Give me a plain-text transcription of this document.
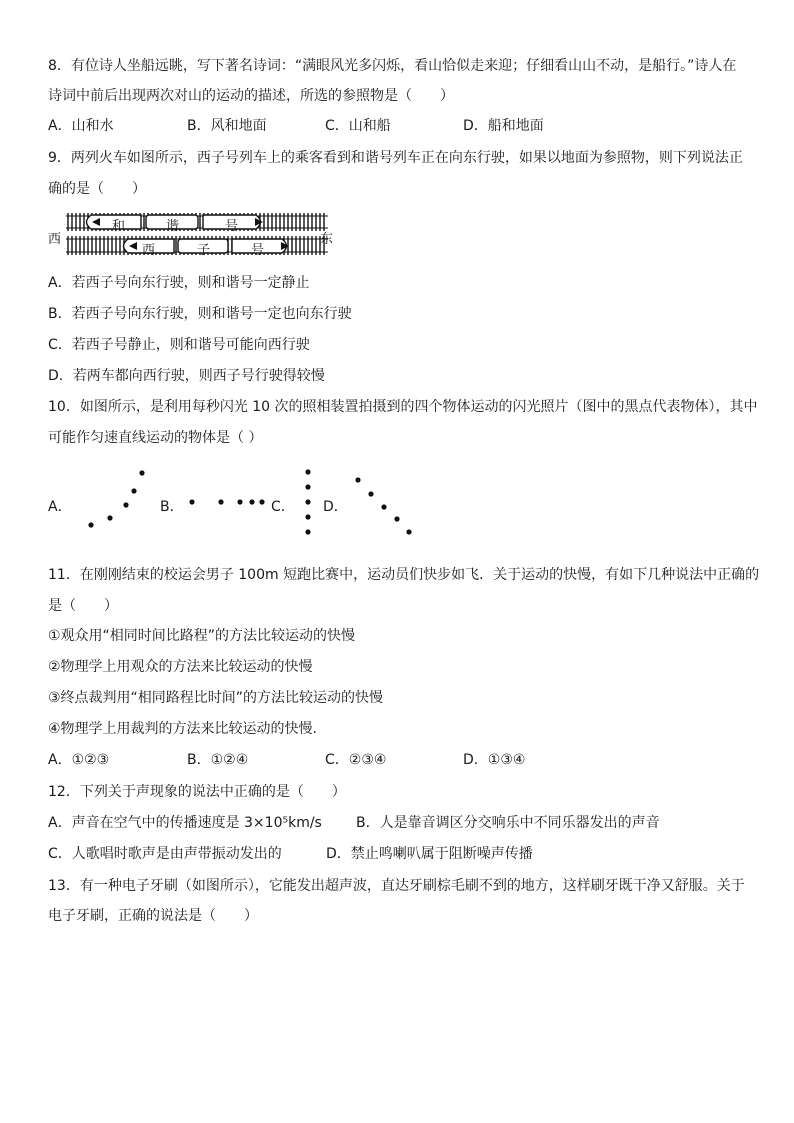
8．有位诗人坐船远眺，写下著名诗词：“满眼风光多闪烁，看山恰似走来迎；仔细看山山不动，是船行。”诗人在
诗词中前后出现两次对山的运动的描述，所选的参照物是（　　）
A．山和水	B．风和地面	C．山和船	D．船和地面
9．两列火车如图所示，西子号列车上的乘客看到和谐号列车正在向东行驶，如果以地面为参照物，则下列说法正
确的是（　　）
西	东
和	谐	号
西	子	号
A．若西子号向东行驶，则和谐号一定静止
B．若西子号向东行驶，则和谐号一定也向东行驶
C．若西子号静止，则和谐号可能向西行驶
D．若两车都向西行驶，则西子号行驶得较慢
10．如图所示，是利用每秒闪光 10 次的照相装置拍摄到的四个物体运动的闪光照片（图中的黑点代表物体），其中
可能作匀速直线运动的物体是（ ）
A．	B．	C． D．
11．在刚刚结束的校运会男子 100m 短跑比赛中，运动员们快步如飞．关于运动的快慢，有如下几种说法中正确的
是（　　）
①观众用“相同时间比路程”的方法比较运动的快慢
②物理学上用观众的方法来比较运动的快慢
③终点裁判用“相同路程比时间”的方法比较运动的快慢
④物理学上用裁判的方法来比较运动的快慢.
A．①②③	B．①②④	C．②③④	D．①③④
12．下列关于声现象的说法中正确的是（　　）
A．声音在空气中的传播速度是 3×10⁵km/s B．人是靠音调区分交响乐中不同乐器发出的声音
C．人歌唱时歌声是由声带振动发出的	D．禁止鸣喇叭属于阻断噪声传播
13．有一种电子牙刷（如图所示），它能发出超声波，直达牙刷棕毛刷不到的地方，这样刷牙既干净又舒服。关于
电子牙刷，正确的说法是（　　）
